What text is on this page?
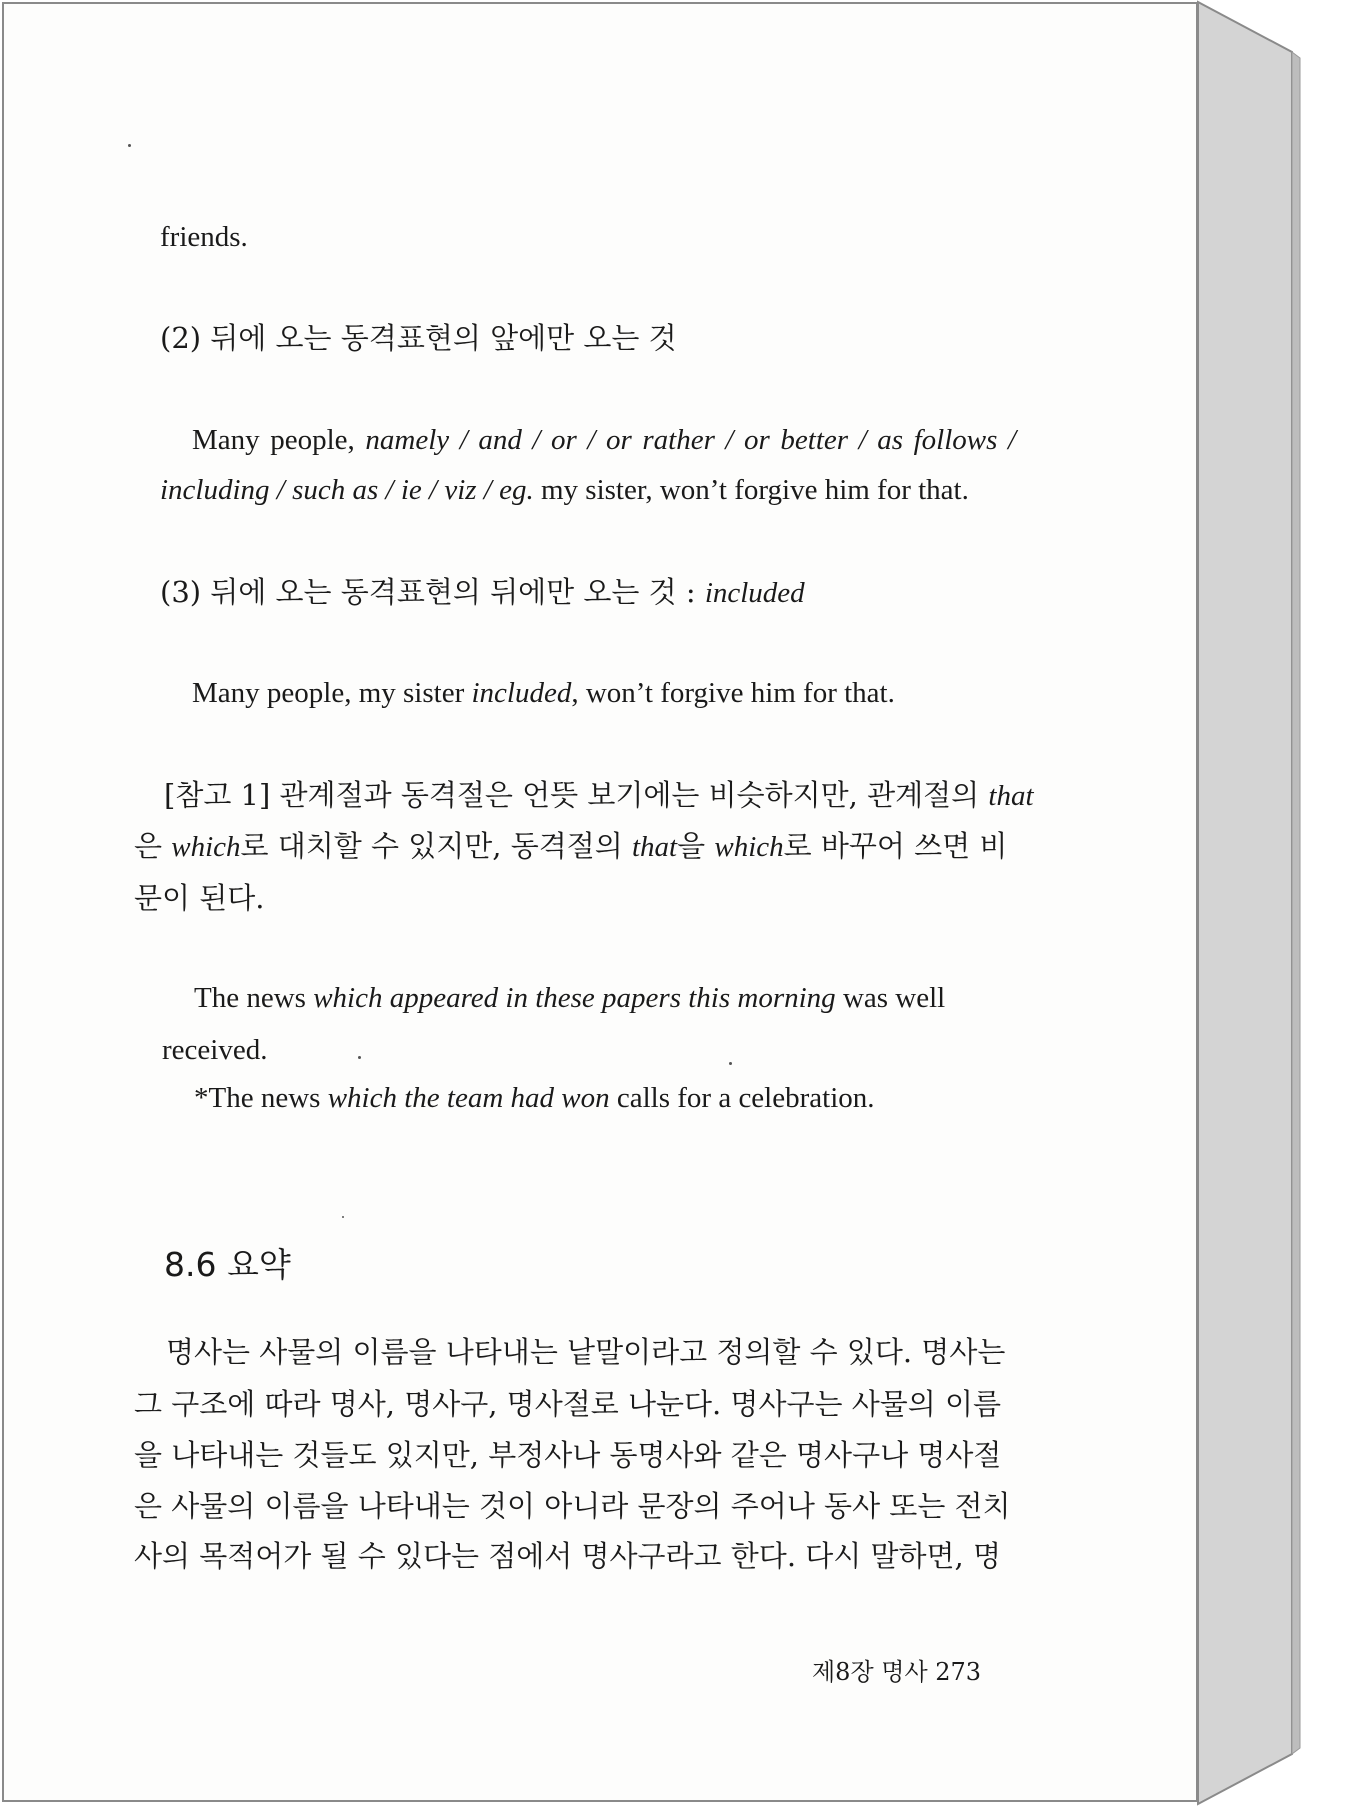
friends.
(2) 뒤에 오는 동격표현의 앞에만 오는 것
Many people, namely / and / or / or rather / or better / as follows /
including / such as / ie / viz / eg. my sister, won’t forgive him for that.
(3) 뒤에 오는 동격표현의 뒤에만 오는 것 : included
Many people, my sister included, won’t forgive him for that.
[참고 1] 관계절과 동격절은 언뜻 보기에는 비슷하지만, 관계절의 that
은 which로 대치할 수 있지만, 동격절의 that을 which로 바꾸어 쓰면 비
문이 된다.
The news which appeared in these papers this morning was well
received.
*The news which the team had won calls for a celebration.
8.6 요약
명사는 사물의 이름을 나타내는 낱말이라고 정의할 수 있다. 명사는
그 구조에 따라 명사, 명사구, 명사절로 나눈다. 명사구는 사물의 이름
을 나타내는 것들도 있지만, 부정사나 동명사와 같은 명사구나 명사절
은 사물의 이름을 나타내는 것이 아니라 문장의 주어나 동사 또는 전치
사의 목적어가 될 수 있다는 점에서 명사구라고 한다. 다시 말하면, 명
제8장 명사 273
